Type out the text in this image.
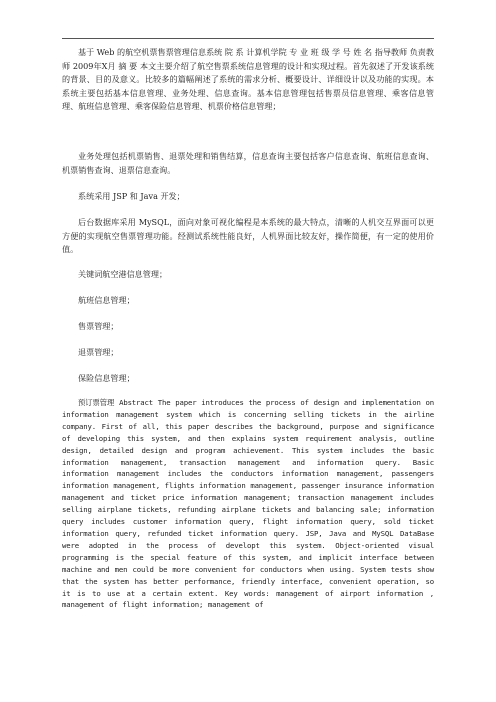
基于 Web 的航空机票售票管理信息系统 院 系 计算机学院 专 业 班 级 学 号 姓 名 指导教师 负责教师 2009年X月 摘 要 本文主要介绍了航空售票系统信息管理的设计和实现过程。首先叙述了开发该系统的背景、目的及意义。比较多的篇幅阐述了系统的需求分析、概要设计、详细设计以及功能的实现。本系统主要包括基本信息管理、业务处理、信息查询。基本信息管理包括售票员信息管理、乘客信息管理、航班信息管理、乘客保险信息管理、机票价格信息管理；

业务处理包括机票销售、退票处理和销售结算，信息查询主要包括客户信息查询、航班信息查询、机票销售查询、退票信息查询。

系统采用 JSP 和 Java 开发；

后台数据库采用 MySQL，面向对象可视化编程是本系统的最大特点，清晰的人机交互界面可以更方便的实现航空售票管理功能。经测试系统性能良好，人机界面比较友好，操作简便，有一定的使用价值。

关键词航空港信息管理；

航班信息管理；

售票管理；

退票管理；

保险信息管理；

预订票管理 Abstract The paper introduces the process of design and implementation on information management system which is concerning selling tickets in the airline company. First of all, this paper describes the background, purpose and significance of developing this system, and then explains system requirement analysis, outline design, detailed design and program achievement. This system includes the basic information management, transaction management and information query. Basic information management includes the conductors information management, passengers information management, flights information management, passenger insurance information management and ticket price information management; transaction management includes selling airplane tickets, refunding airplane tickets and balancing sale; information query includes customer information query, flight information query, sold ticket information query, refunded ticket information query. JSP, Java and MySQL DataBase were adopted in the process of developt this system. Object-oriented visual programming is the special feature of this system, and implicit interface between machine and men could be more convenient for conductors when using. System tests show that the system has better performance, friendly interface, convenient operation, so it is to use at a certain extent. Key words: management of airport information , management of flight information; management of
